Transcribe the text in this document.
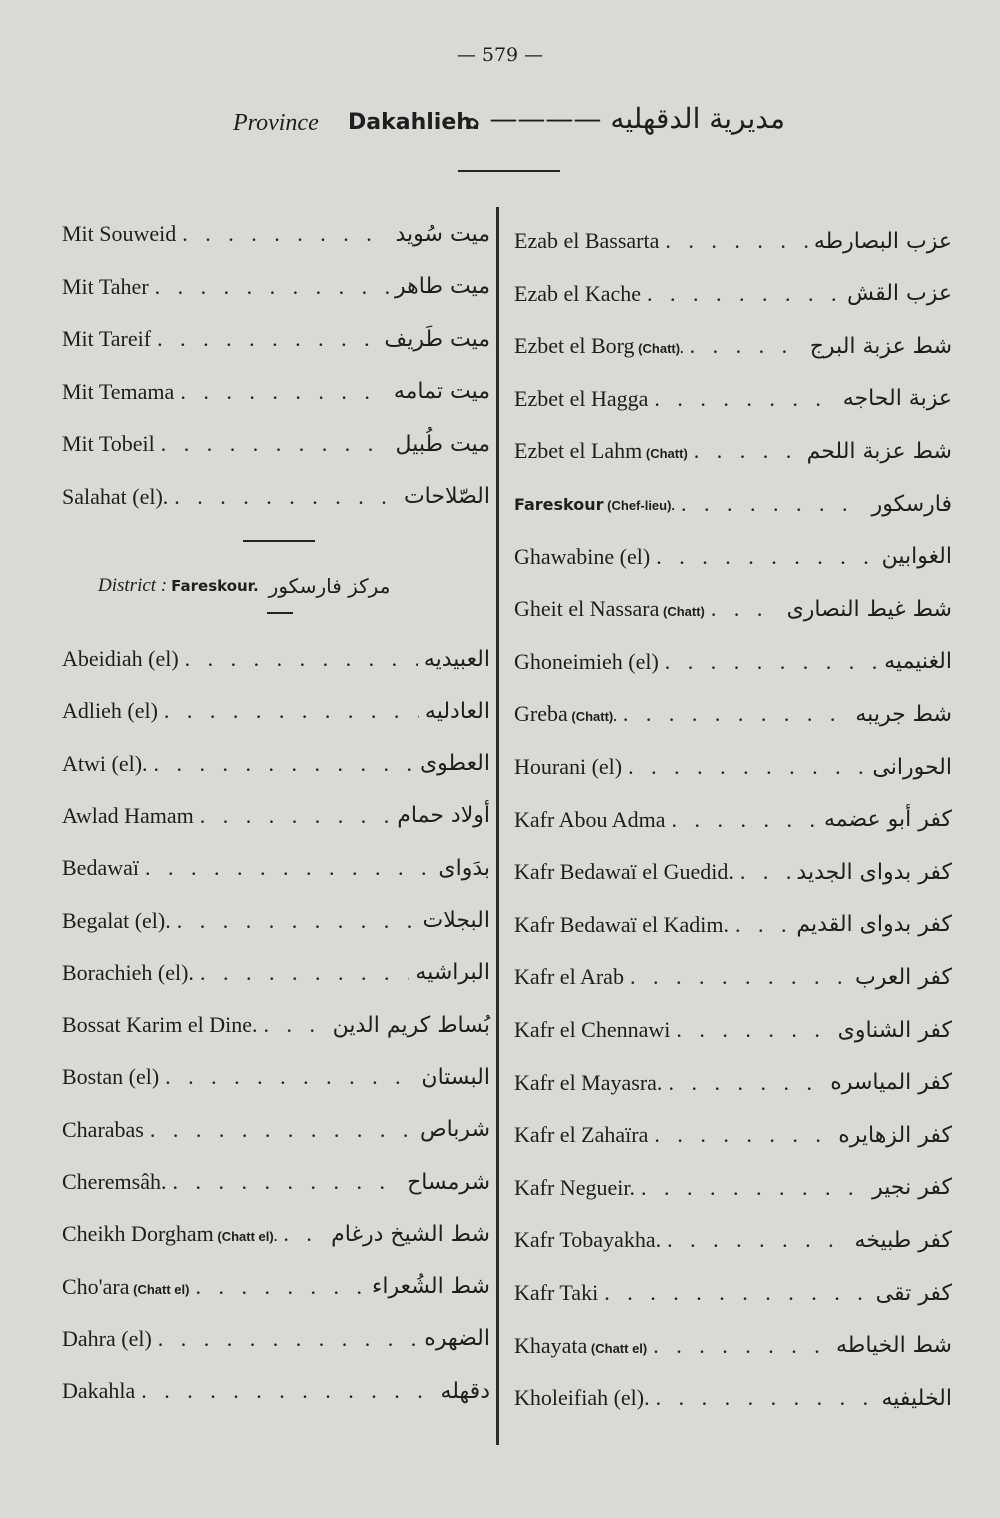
— 579 —
Province Dakahlieh.
مديرية الدقهليه ———— ه
Mit Souweid . . .	ميت سُويد
Mit Taher . . .	ميت طاهر
Mit Tareif . . .	ميت طَريف
Mit Temama . . .	ميت تمامه
Mit Tobeil . . .	ميت طُبيل
Salahat (el). . . .	الصّلاحات
District : Fareskour. مركز فارسكور
Abeidiah (el) . . .	العبيديه
Adlieh (el) . . .	العادليه
Atwi (el). . . .	العطوى
Awlad Hamam . . .	أولاد حمام
Bedawaï . . .	بدَواى
Begalat (el). . . .	البجلات
Borachieh (el). . . .	البراشيه
Bossat Karim el Dine. . . .	بُساط كريم الدين
Bostan (el) . . .	البستان
Charabas . . .	شرباص
Cheremsâh. . . .	شرمساح
Cheikh Dorgham (Chatt el). . . . شط الشيخ درغام
Cho'ara (Chatt el) . . .	شط الشُعراء
Dahra (el) . . .	الضهره
Dakahla . . .	دقهله
Ezab el Bassarta . . .	عزب البصارطه
Ezab el Kache . . .	عزب القش
Ezbet el Borg (Chatt). . . .	شط عزبة البرج
Ezbet el Hagga . . .	عزبة الحاجه
Ezbet el Lahm (Chatt) . . .	شط عزبة اللحم
Fareskour (Chef-lieu). . . .	فارسكور
Ghawabine (el) . . .	الغوابين
Gheit el Nassara (Chatt) . . .	شط غيط النصارى
Ghoneimieh (el) . . .	الغنيميه
Greba (Chatt). . . .	شط جريبه
Hourani (el) . . .	الحورانى
Kafr Abou Adma . . .	كفر أبو عضمه
Kafr Bedawaï el Guedid. . . .	كفر بدواى الجديد
Kafr Bedawaï el Kadim. . . .	كفر بدواى القديم
Kafr el Arab . . .	كفر العرب
Kafr el Chennawi . . .	كفر الشناوى
Kafr el Mayasra. . . .	كفر المياسره
Kafr el Zahaïra . . .	كفر الزهايره
Kafr Negueir. . . .	كفر نجير
Kafr Tobayakha. . . .	كفر طبيخه
Kafr Taki . . .	كفر تقى
Khayata (Chatt el) . . .	شط الخياطه
Kholeifiah (el). . . .	الخليفيه
